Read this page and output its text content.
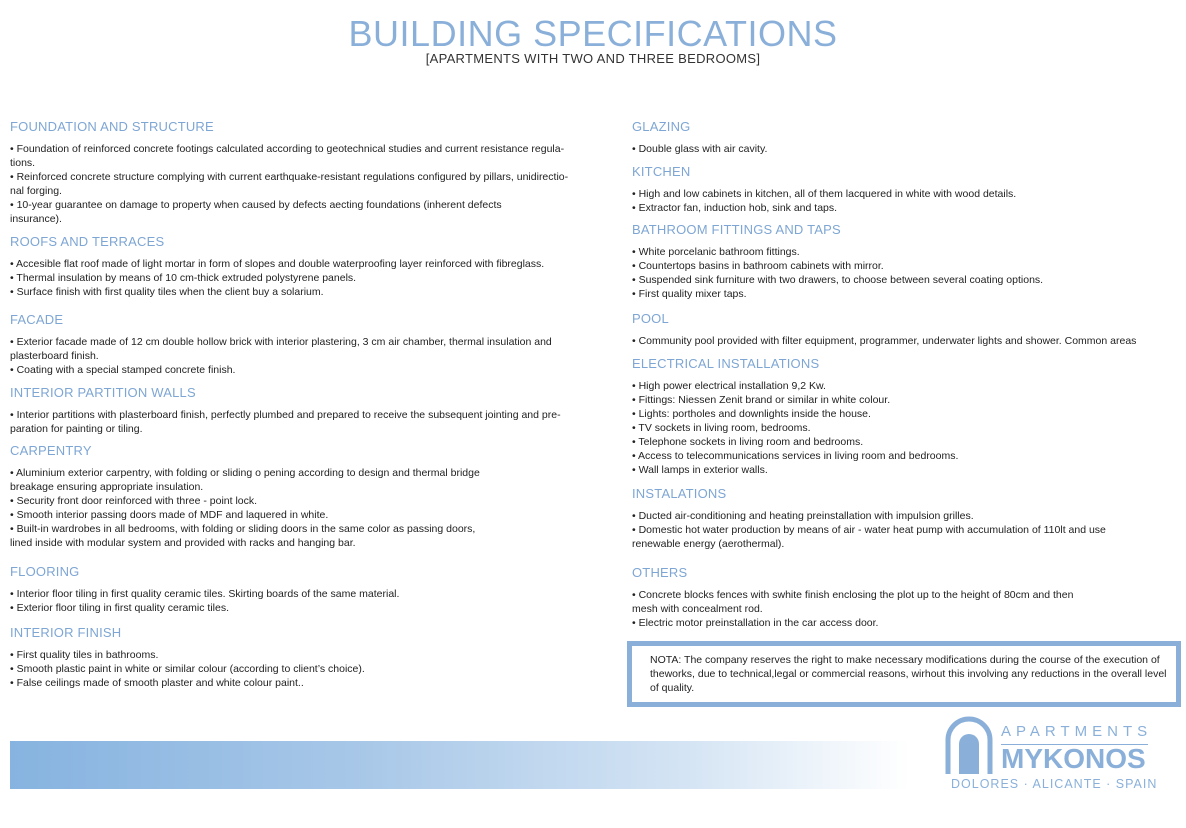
BUILDING SPECIFICATIONS
[APARTMENTS WITH TWO AND THREE BEDROOMS]
FOUNDATION AND STRUCTURE

• Foundation of reinforced concrete footings calculated according to geotechnical studies and current resistance regula-

tions.

• Reinforced concrete structure complying with current earthquake-resistant regulations configured by pillars, unidirectio-

nal forging.

• 10-year guarantee on damage to property when caused by defects aecting foundations (inherent defects

insurance).

ROOFS AND TERRACES

• Accesible flat roof made of light mortar in form of slopes and double waterproofing layer reinforced with fibreglass.

• Thermal insulation by means of 10 cm-thick extruded polystyrene panels.

• Surface finish with first quality tiles when the client buy a solarium.

FACADE

• Exterior facade made of 12 cm double hollow brick with interior plastering, 3 cm air chamber, thermal insulation and

plasterboard finish.

• Coating with a special stamped concrete finish.

INTERIOR PARTITION WALLS

• Interior partitions with plasterboard finish, perfectly plumbed and prepared to receive the subsequent jointing and pre-

paration for painting or tiling.

CARPENTRY

• Aluminium exterior carpentry, with folding or sliding o pening according to design and thermal bridge

breakage ensuring appropriate insulation.

• Security front door reinforced with three - point lock.

• Smooth interior passing doors made of MDF and laquered in white.

• Built-in wardrobes in all bedrooms, with folding or sliding doors in the same color as passing doors,

lined inside with modular system and provided with racks and hanging bar.

FLOORING

• Interior floor tiling in first quality ceramic tiles. Skirting boards of the same material.

• Exterior floor tiling in first quality ceramic tiles.

INTERIOR FINISH

• First quality tiles in bathrooms.

• Smooth plastic paint in white or similar colour (according to client’s choice).

• False ceilings made of smooth plaster and white colour paint..

GLAZING

• Double glass with air cavity.

KITCHEN

• High and low cabinets in kitchen, all of them lacquered in white with wood details.

• Extractor fan, induction hob, sink and taps.

BATHROOM FITTINGS AND TAPS

• White porcelanic bathroom fittings.

• Countertops basins in bathroom cabinets with mirror.

• Suspended sink furniture with two drawers, to choose between several coating options.

• First quality mixer taps.

POOL

• Community pool provided with filter equipment, programmer, underwater lights and shower. Common areas

ELECTRICAL INSTALLATIONS

• High power electrical installation 9,2 Kw.

• Fittings: Niessen Zenit brand or similar in white colour.

• Lights: portholes and downlights inside the house.

• TV sockets in living room, bedrooms.

• Telephone sockets in living room and bedrooms.

• Access to telecommunications services in living room and bedrooms.

• Wall lamps in exterior walls.

INSTALATIONS

• Ducted air-conditioning and heating preinstallation with impulsion grilles.

• Domestic hot water production by means of air - water heat pump with accumulation of 110lt and use

renewable energy (aerothermal).

OTHERS

• Concrete blocks fences with swhite finish enclosing the plot up to the height of 80cm and then

mesh with concealment rod.

• Electric motor preinstallation in the car access door.

NOTA: The company reserves the right to make necessary modifications during the course of the execution of
theworks, due to technical,legal or commercial reasons, wirhout this involving any reductions in the overall level
of quality.

APARTMENTS
MYKONOS
DOLORES · ALICANTE · SPAIN
